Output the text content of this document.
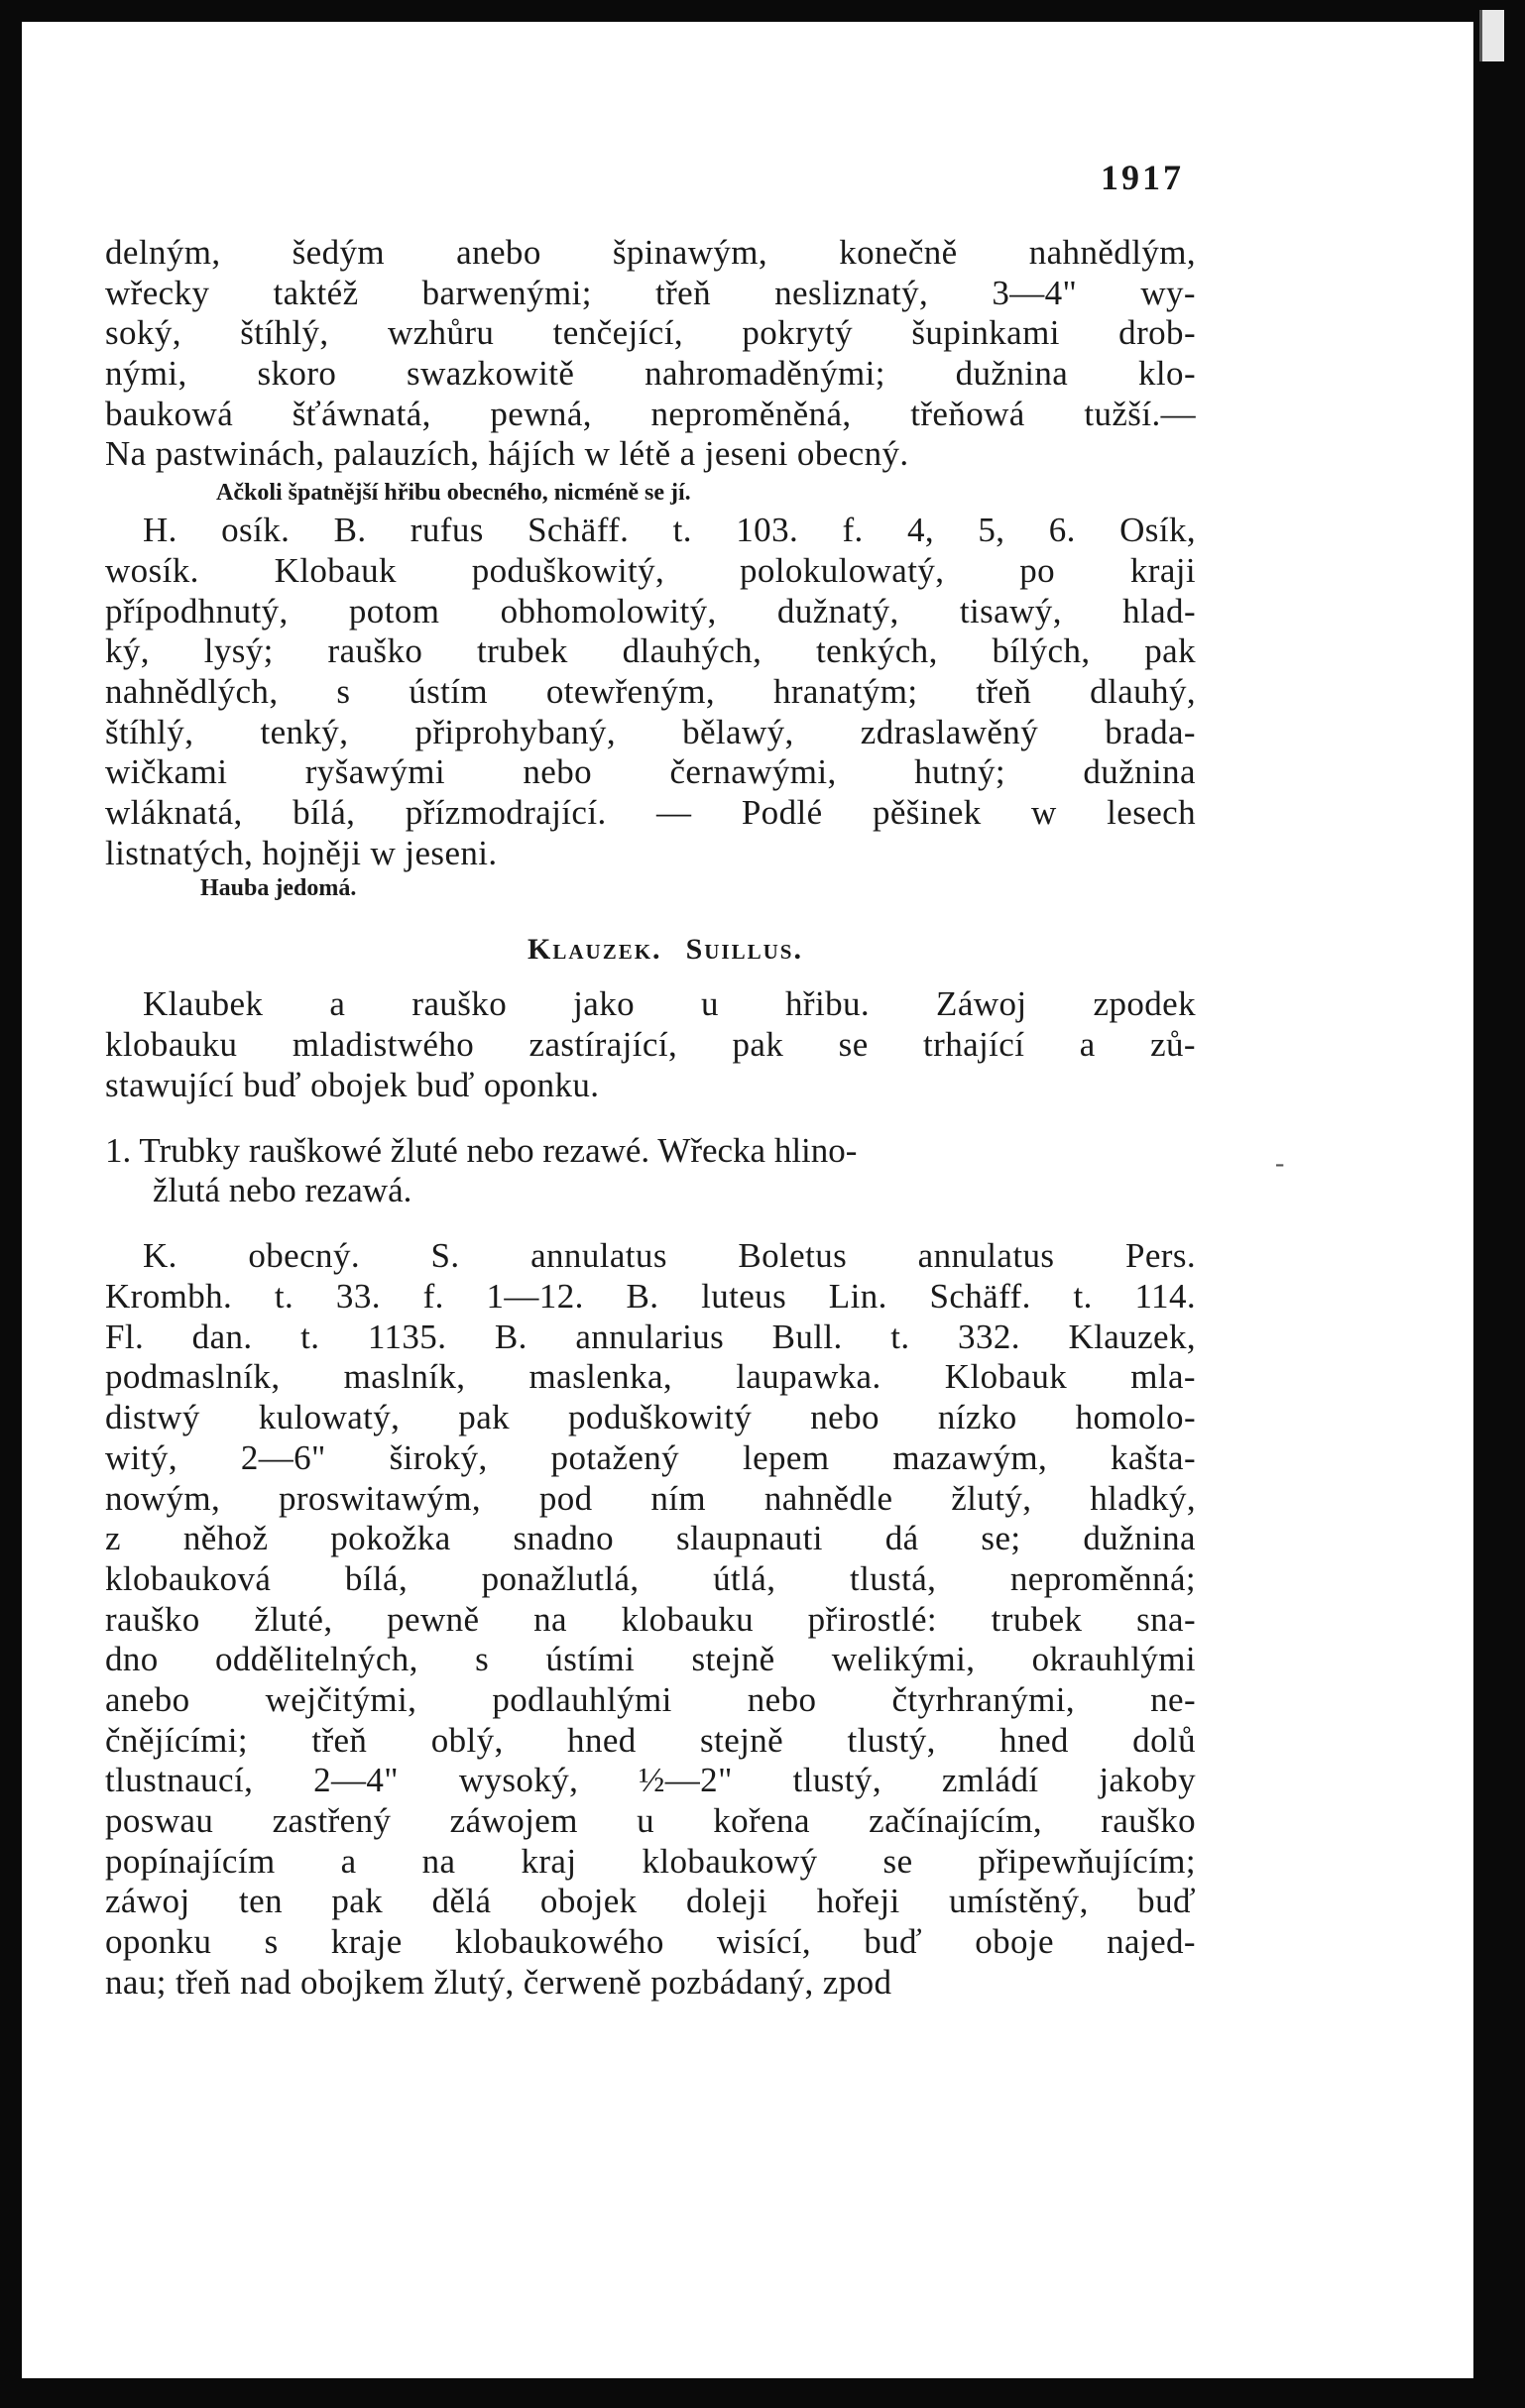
1917
delným, šedým anebo špinawým, konečně nahnědlým,
wřecky taktéž barwenými; třeň nesliznatý, 3—4" wy-
soký, štíhlý, wzhůru tenčející, pokrytý šupinkami drob-
nými, skoro swazkowitě nahromaděnými; dužnina klo-
baukowá šťáwnatá, pewná, neproměněná, třeňowá tužší.—
Na pastwinách, palauzích, hájích w létě a jeseni obecný.
Ačkoli špatnější hřibu obecného, nicméně se jí.
H. osík. B. rufus Schäff. t. 103. f. 4, 5, 6. Osík,
wosík. Klobauk poduškowitý, polokulowatý, po kraji
přípodhnutý, potom obhomolowitý, dužnatý, tisawý, hlad-
ký, lysý; rauško trubek dlauhých, tenkých, bílých, pak
nahnědlých, s ústím otewřeným, hranatým; třeň dlauhý,
štíhlý, tenký, připrohybaný, bělawý, zdraslawěný brada-
wičkami ryšawými nebo černawými, hutný; dužnina
wláknatá, bílá, přízmodrající. — Podlé pěšinek w lesech
listnatých, hojněji w jeseni.
Hauba jedomá.
Klauzek. Suillus.
Klaubek a rauško jako u hřibu. Záwoj zpodek
klobauku mladistwého zastírající, pak se trhající a zů-
stawující buď obojek buď oponku.
1. Trubky rauškowé žluté nebo rezawé. Wřecka hlino-
žlutá nebo rezawá.
K. obecný. S. annulatus Boletus annulatus Pers.
Krombh. t. 33. f. 1—12. B. luteus Lin. Schäff. t. 114.
Fl. dan. t. 1135. B. annularius Bull. t. 332. Klauzek,
podmaslník, maslník, maslenka, laupawka. Klobauk mla-
distwý kulowatý, pak poduškowitý nebo nízko homolo-
witý, 2—6" široký, potažený lepem mazawým, kašta-
nowým, proswitawým, pod ním nahnědle žlutý, hladký,
z něhož pokožka snadno slaupnauti dá se; dužnina
klobauková bílá, ponažlutlá, útlá, tlustá, neproměnná;
rauško žluté, pewně na klobauku přirostlé: trubek sna-
dno oddělitelných, s ústími stejně welikými, okrauhlými
anebo wejčitými, podlauhlými nebo čtyrhranými, ne-
čnějícími; třeň oblý, hned stejně tlustý, hned dolů
tlustnaucí, 2—4" wysoký, ½—2" tlustý, zmládí jakoby
poswau zastřený záwojem u kořena začínajícím, rauško
popínajícím a na kraj klobaukowý se připewňujícím;
záwoj ten pak dělá obojek doleji hořeji umístěný, buď
oponku s kraje klobaukowého wisící, buď oboje najed-
nau; třeň nad obojkem žlutý, čerweně pozbádaný, zpod
-
